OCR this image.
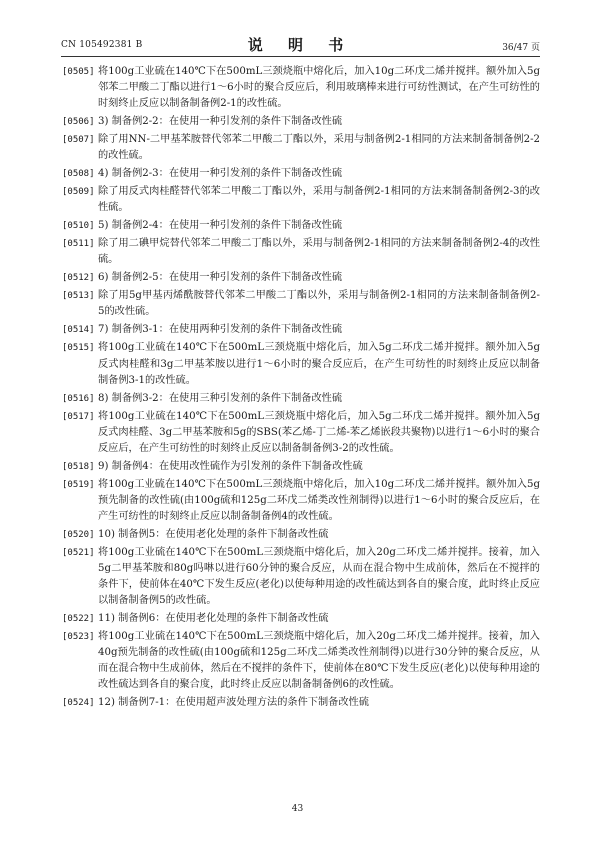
CN 105492381 B	说 明 书	36/47 页
[0505] 将100g工业硫在140℃下在500mL三颈烧瓶中熔化后，加入10g二环戊二烯并搅拌。额外加入5g邻苯二甲酸二丁酯以进行1～6小时的聚合反应后，利用玻璃棒来进行可纺性测试，在产生可纺性的时刻终止反应以制备制备例2-1的改性硫。
[0506] 3) 制备例2-2：在使用一种引发剂的条件下制备改性硫
[0507] 除了用NN-二甲基苯胺替代邻苯二甲酸二丁酯以外，采用与制备例2-1相同的方法来制备制备例2-2的改性硫。
[0508] 4) 制备例2-3：在使用一种引发剂的条件下制备改性硫
[0509] 除了用反式肉桂醛替代邻苯二甲酸二丁酯以外，采用与制备例2-1相同的方法来制备制备例2-3的改性硫。
[0510] 5) 制备例2-4：在使用一种引发剂的条件下制备改性硫
[0511] 除了用二碘甲烷替代邻苯二甲酸二丁酯以外，采用与制备例2-1相同的方法来制备制备例2-4的改性硫。
[0512] 6) 制备例2-5：在使用一种引发剂的条件下制备改性硫
[0513] 除了用5g甲基丙烯酰胺替代邻苯二甲酸二丁酯以外，采用与制备例2-1相同的方法来制备制备例2-5的改性硫。
[0514] 7) 制备例3-1：在使用两种引发剂的条件下制备改性硫
[0515] 将100g工业硫在140℃下在500mL三颈烧瓶中熔化后，加入5g二环戊二烯并搅拌。额外加入5g反式肉桂醛和3g二甲基苯胺以进行1～6小时的聚合反应后，在产生可纺性的时刻终止反应以制备制备例3-1的改性硫。
[0516] 8) 制备例3-2：在使用三种引发剂的条件下制备改性硫
[0517] 将100g工业硫在140℃下在500mL三颈烧瓶中熔化后，加入5g二环戊二烯并搅拌。额外加入5g反式肉桂醛、3g二甲基苯胺和5g的SBS(苯乙烯-丁二烯-苯乙烯嵌段共聚物)以进行1～6小时的聚合反应后，在产生可纺性的时刻终止反应以制备制备例3-2的改性硫。
[0518] 9) 制备例4：在使用改性硫作为引发剂的条件下制备改性硫
[0519] 将100g工业硫在140℃下在500mL三颈烧瓶中熔化后，加入10g二环戊二烯并搅拌。额外加入5g预先制备的改性硫(由100g硫和125g二环戊二烯类改性剂制得)以进行1～6小时的聚合反应后，在产生可纺性的时刻终止反应以制备制备例4的改性硫。
[0520] 10) 制备例5：在使用老化处理的条件下制备改性硫
[0521] 将100g工业硫在140℃下在500mL三颈烧瓶中熔化后，加入20g二环戊二烯并搅拌。接着，加入5g二甲基苯胺和80g吗啉以进行60分钟的聚合反应，从而在混合物中生成前体，然后在不搅拌的条件下，使前体在40℃下发生反应(老化)以使每种用途的改性硫达到各自的聚合度，此时终止反应以制备制备例5的改性硫。
[0522] 11) 制备例6：在使用老化处理的条件下制备改性硫
[0523] 将100g工业硫在140℃下在500mL三颈烧瓶中熔化后，加入20g二环戊二烯并搅拌。接着，加入40g预先制备的改性硫(由100g硫和125g二环戊二烯类改性剂制得)以进行30分钟的聚合反应，从而在混合物中生成前体，然后在不搅拌的条件下，使前体在80℃下发生反应(老化)以使每种用途的改性硫达到各自的聚合度，此时终止反应以制备制备例6的改性硫。
[0524] 12) 制备例7-1：在使用超声波处理方法的条件下制备改性硫
43
